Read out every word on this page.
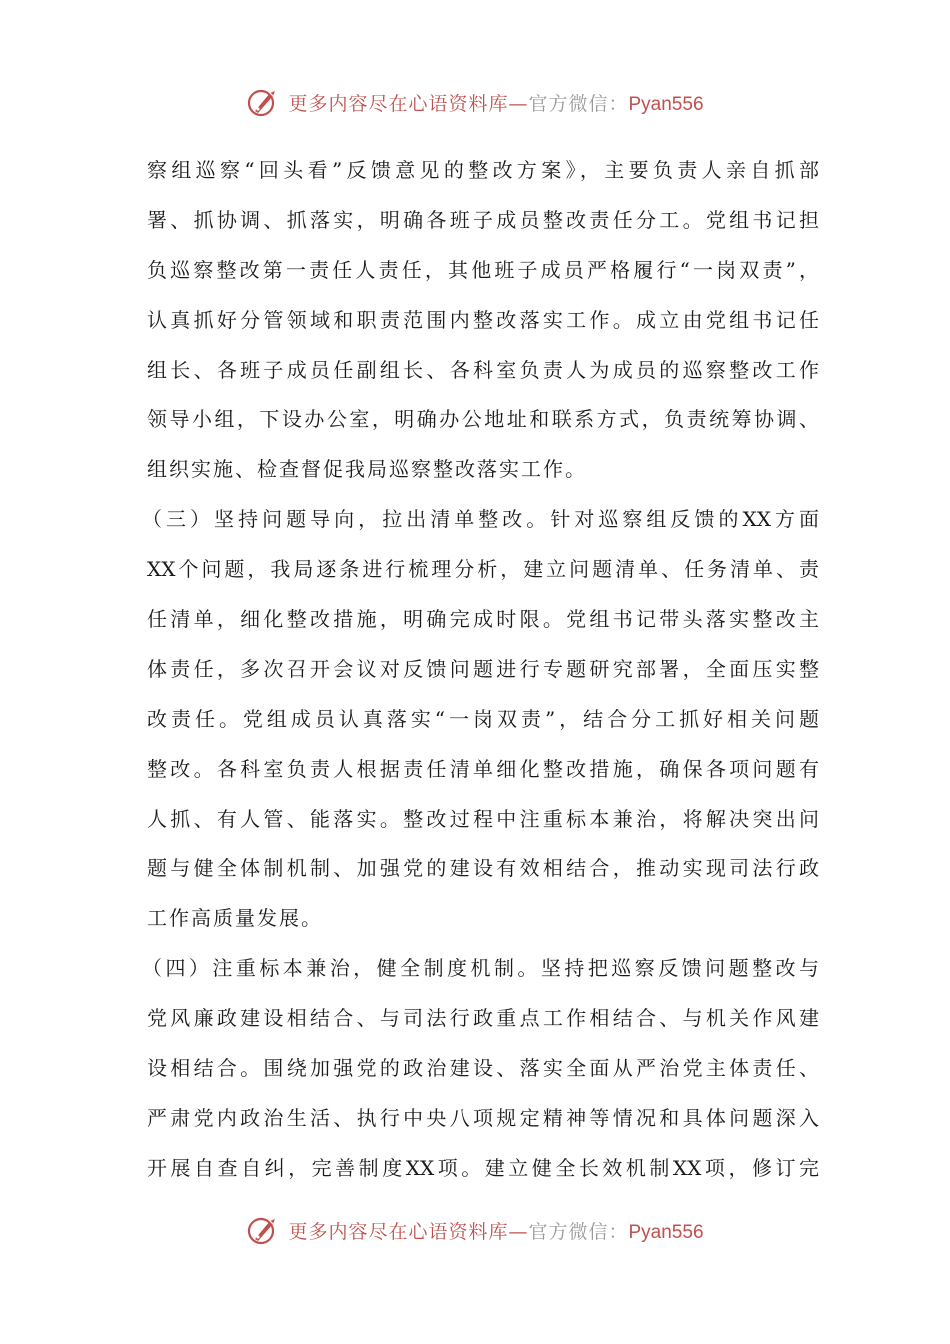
更多内容尽在心语资料库—官方微信：Pyan556
察组巡察“回头看”反馈意见的整改方案》，主要负责人亲自抓部
署、抓协调、抓落实，明确各班子成员整改责任分工。党组书记担
负巡察整改第一责任人责任，其他班子成员严格履行“一岗双责”，
认真抓好分管领域和职责范围内整改落实工作。成立由党组书记任
组长、各班子成员任副组长、各科室负责人为成员的巡察整改工作
领导小组，下设办公室，明确办公地址和联系方式，负责统筹协调、
组织实施、检查督促我局巡察整改落实工作。
（三）坚持问题导向，拉出清单整改。针对巡察组反馈的XX方面
XX个问题，我局逐条进行梳理分析，建立问题清单、任务清单、责
任清单，细化整改措施，明确完成时限。党组书记带头落实整改主
体责任，多次召开会议对反馈问题进行专题研究部署，全面压实整
改责任。党组成员认真落实“一岗双责”，结合分工抓好相关问题
整改。各科室负责人根据责任清单细化整改措施，确保各项问题有
人抓、有人管、能落实。整改过程中注重标本兼治，将解决突出问
题与健全体制机制、加强党的建设有效相结合，推动实现司法行政
工作高质量发展。
（四）注重标本兼治，健全制度机制。坚持把巡察反馈问题整改与
党风廉政建设相结合、与司法行政重点工作相结合、与机关作风建
设相结合。围绕加强党的政治建设、落实全面从严治党主体责任、
严肃党内政治生活、执行中央八项规定精神等情况和具体问题深入
开展自查自纠，完善制度XX项。建立健全长效机制XX项，修订完
更多内容尽在心语资料库—官方微信：Pyan556
